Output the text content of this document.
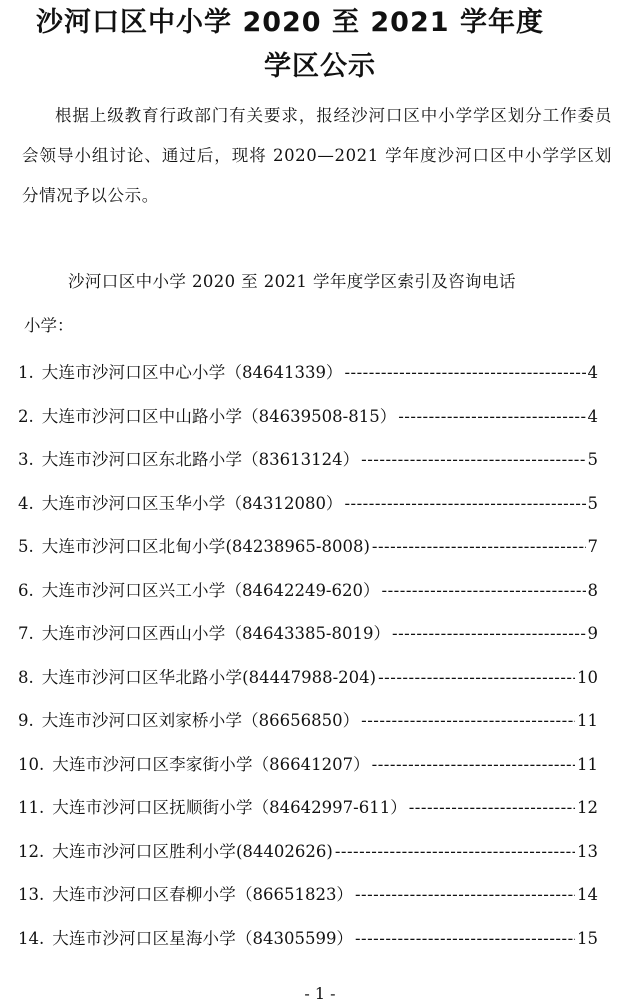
沙河口区中小学 2020 至 2021 学年度
学区公示

根据上级教育行政部门有关要求，报经沙河口区中小学学区划分工作委员会领导小组讨论、通过后，现将 2020—2021 学年度沙河口区中小学学区划分情况予以公示。

沙河口区中小学 2020 至 2021 学年度学区索引及咨询电话
小学：
1. 大连市沙河口区中心小学 （84641339） -----	4
2. 大连市沙河口区中山路小学 （84639508-815） -----	4
3. 大连市沙河口区东北路小学 （83613124） -----	5
4. 大连市沙河口区玉华小学 （84312080） -----	5
5. 大连市沙河口区北甸小学 (84238965-8008) -----	7
6. 大连市沙河口区兴工小学 （84642249-620） -----	8
7. 大连市沙河口区西山小学 （84643385-8019） -----	9
8. 大连市沙河口区华北路小学 (84447988-204) -----	10
9. 大连市沙河口区刘家桥小学 （86656850） -----	11
10. 大连市沙河口区李家街小学 （86641207） -----	11
11. 大连市沙河口区抚顺街小学 （84642997-611） -----	12
12. 大连市沙河口区胜利小学 (84402626) -----	13
13. 大连市沙河口区春柳小学 （86651823） -----	14
14. 大连市沙河口区星海小学 （84305599） -----	15
- 1 -
